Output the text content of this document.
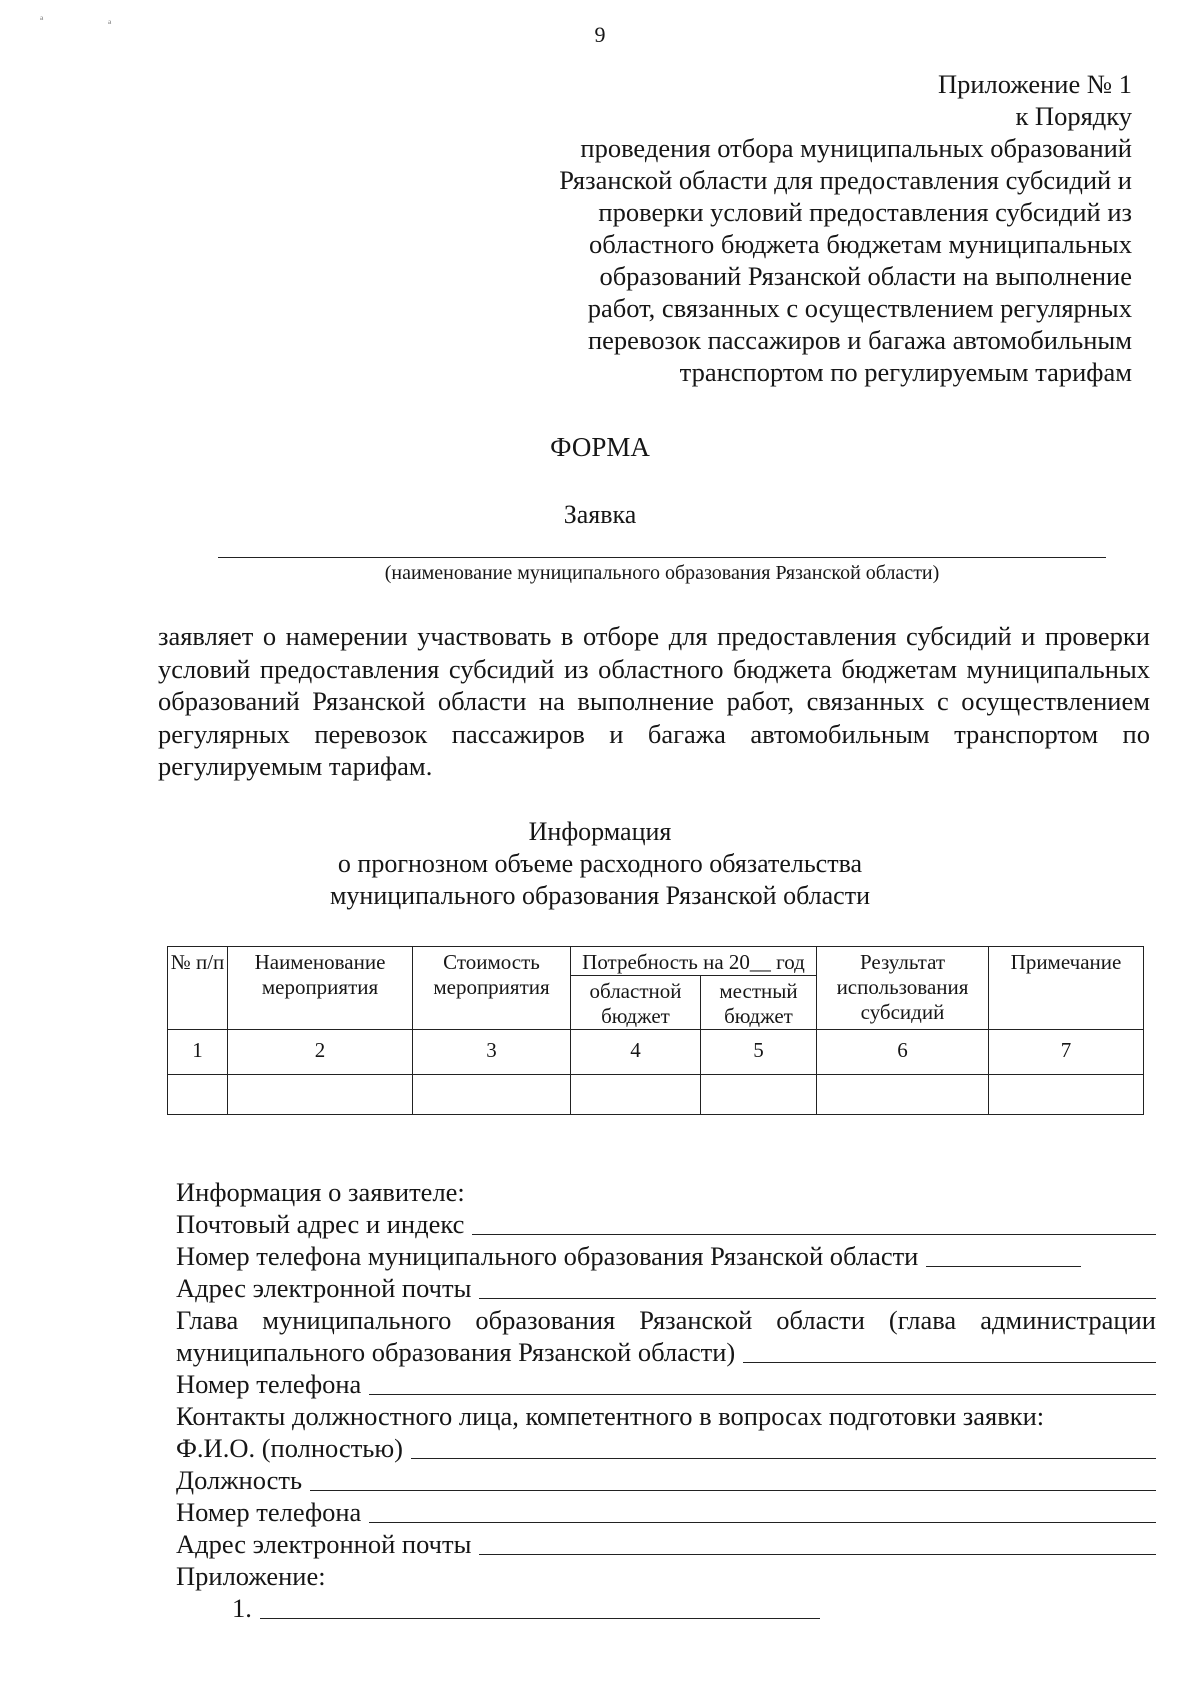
ª	ª	9
Приложение № 1
к Порядку
проведения отбора муниципальных образований
Рязанской области для предоставления субсидий и
проверки условий предоставления субсидий из
областного бюджета бюджетам муниципальных
образований Рязанской области на выполнение
работ, связанных с осуществлением регулярных
перевозок пассажиров и багажа автомобильным
транспортом по регулируемым тарифам
ФОРМА
Заявка
(наименование муниципального образования Рязанской области)
заявляет о намерении участвовать в отборе для предоставления субсидий и проверки условий предоставления субсидий из областного бюджета бюджетам муниципальных образований Рязанской области на выполнение работ, связанных с осуществлением регулярных перевозок пассажиров и багажа автомобильным транспортом по регулируемым тарифам.
Информация
о прогнозном объеме расходного обязательства
муниципального образования Рязанской области
№ п/п	Наименование мероприятия	Стоимость мероприятия	Потребность на 20__ год		Результат использования субсидий	Примечание
			областной бюджет	местный бюджет		
1	2	3	4	5	6	7

Информация о заявителе:
Почтовый адрес и индекс
Номер телефона муниципального образования Рязанской области
Адрес электронной почты
Глава муниципального образования Рязанской области (глава администрации
муниципального образования Рязанской области)
Номер телефона
Контакты должностного лица, компетентного в вопросах подготовки заявки:
Ф.И.О. (полностью)
Должность
Номер телефона
Адрес электронной почты
Приложение:
1.
